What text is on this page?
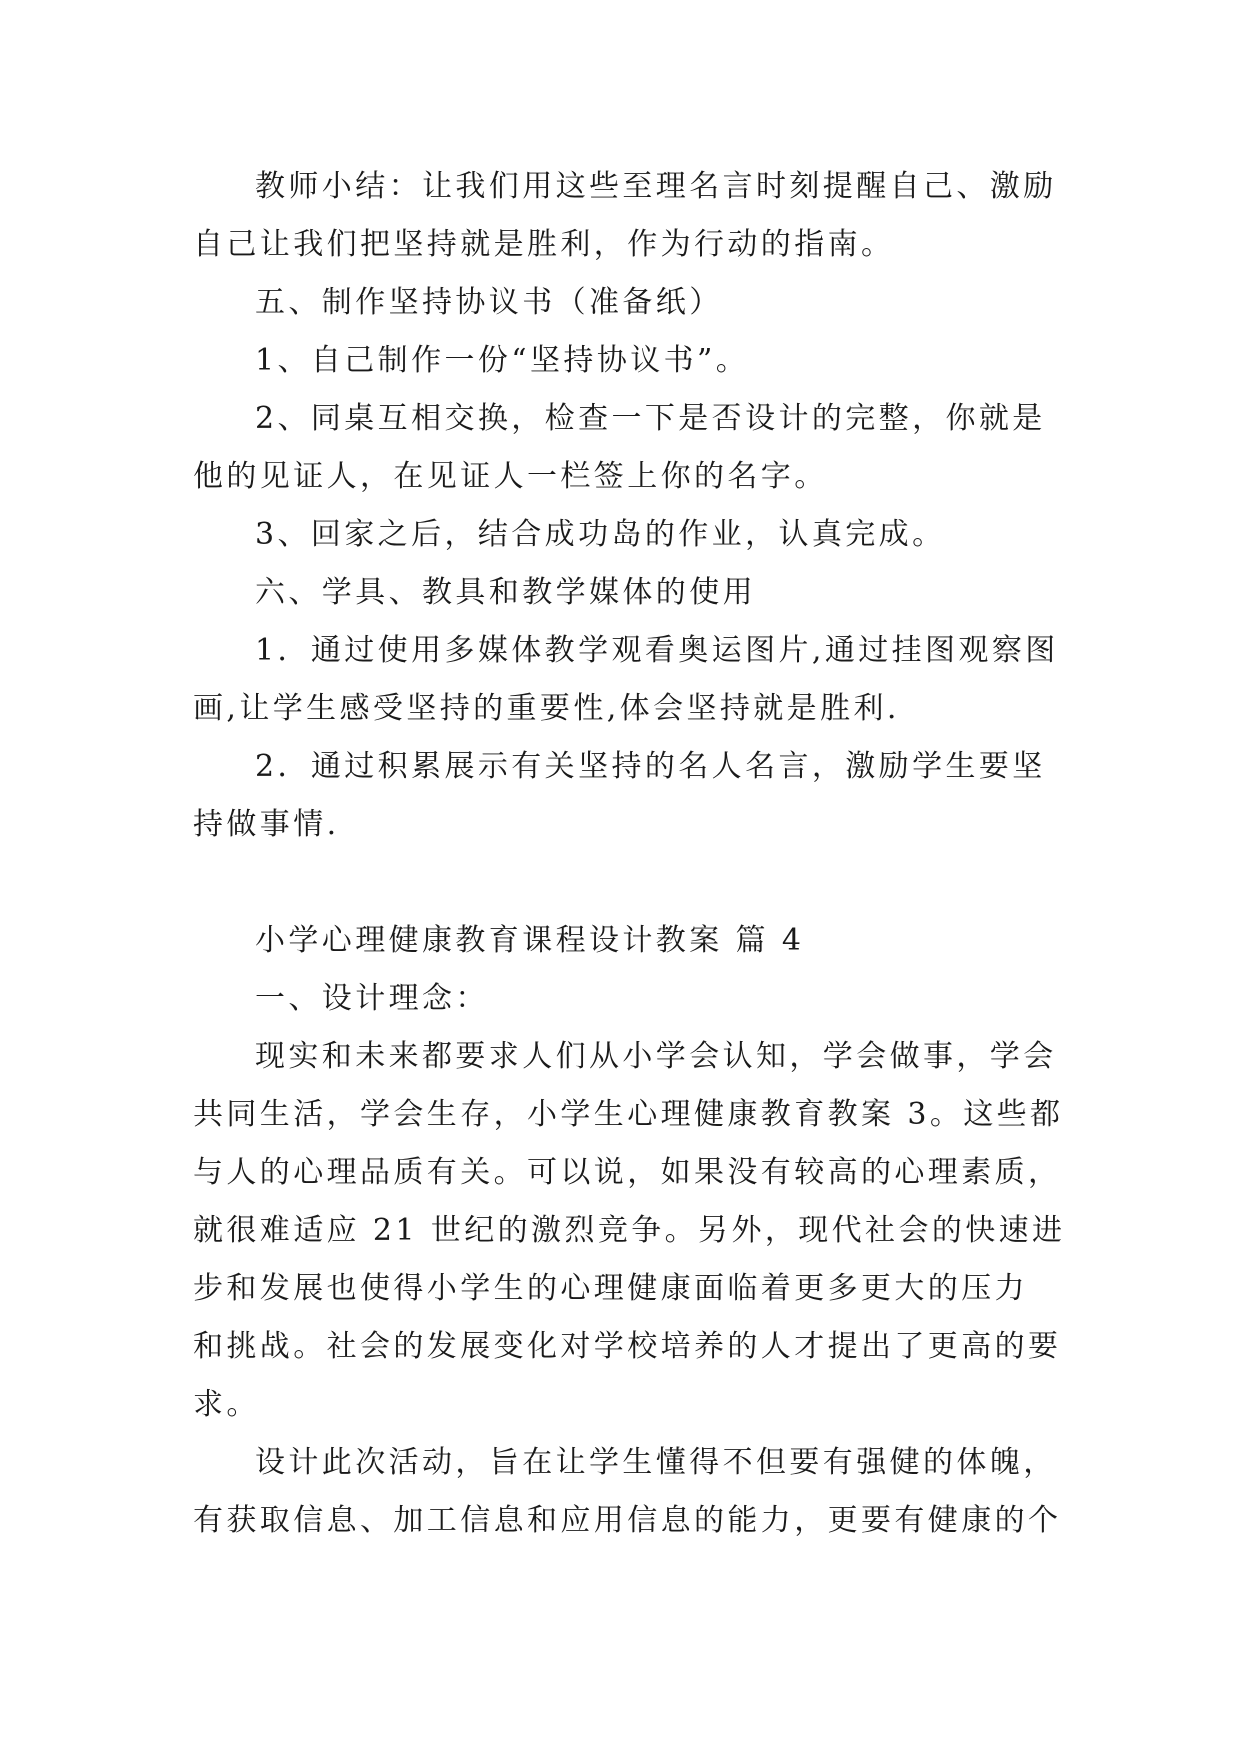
教师小结：让我们用这些至理名言时刻提醒自己、激励
自己让我们把坚持就是胜利，作为行动的指南。
五、制作坚持协议书（准备纸）
1、自己制作一份“坚持协议书”。
2、同桌互相交换，检查一下是否设计的完整，你就是
他的见证人，在见证人一栏签上你的名字。
3、回家之后，结合成功岛的作业，认真完成。
六、学具、教具和教学媒体的使用
1．通过使用多媒体教学观看奥运图片,通过挂图观察图
画,让学生感受坚持的重要性,体会坚持就是胜利.
2．通过积累展示有关坚持的名人名言，激励学生要坚
持做事情.
小学心理健康教育课程设计教案 篇 4
一、设计理念：
现实和未来都要求人们从小学会认知，学会做事，学会
共同生活，学会生存，小学生心理健康教育教案 3。这些都
与人的心理品质有关。可以说，如果没有较高的心理素质，
就很难适应 21 世纪的激烈竞争。另外，现代社会的快速进
步和发展也使得小学生的心理健康面临着更多更大的压力
和挑战。社会的发展变化对学校培养的人才提出了更高的要
求。
设计此次活动，旨在让学生懂得不但要有强健的体魄，
有获取信息、加工信息和应用信息的能力，更要有健康的个
